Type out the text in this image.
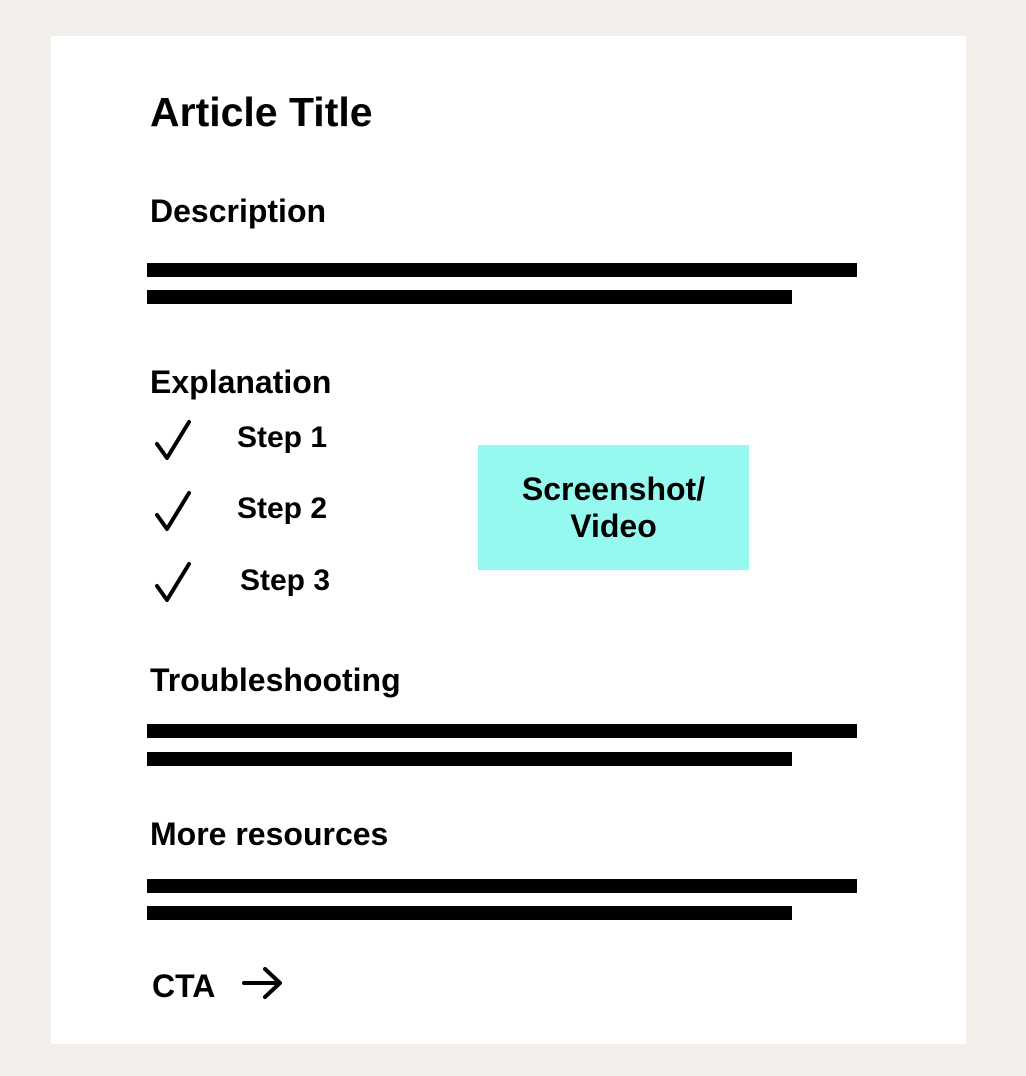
Article Title
Description
Explanation
Step 1
Step 2
Step 3
Screenshot/ Video
Troubleshooting
More resources
CTA
